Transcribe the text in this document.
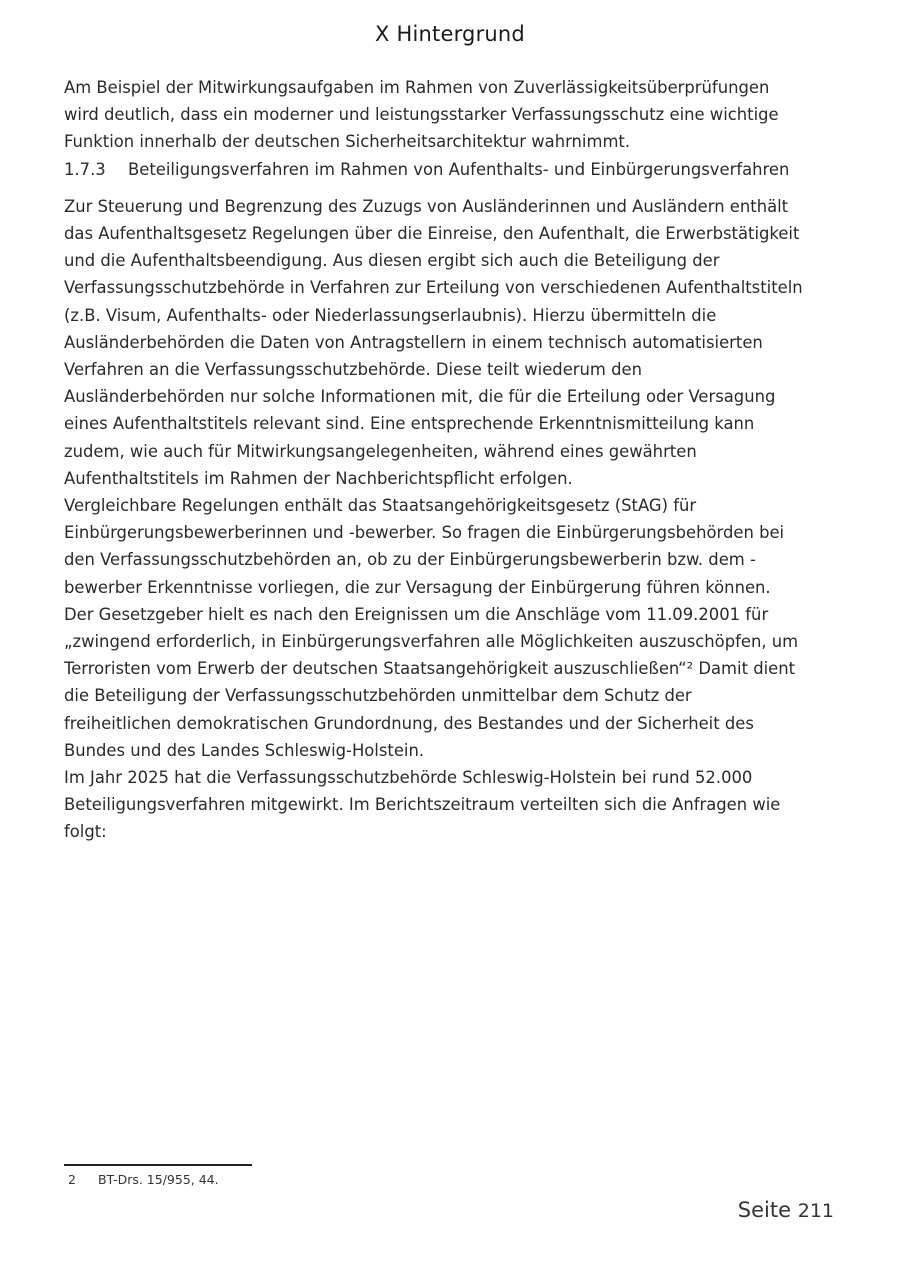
X Hintergrund

Am Beispiel der Mitwirkungsaufgaben im Rahmen von Zuverlässigkeitsüberprüfungen wird deutlich, dass ein moderner und leistungsstarker Verfassungsschutz eine wichtige Funktion innerhalb der deutschen Sicherheitsarchitektur wahrnimmt.

1.7.3	Beteiligungsverfahren im Rahmen von Aufenthalts- und Einbürgerungsverfahren

Zur Steuerung und Begrenzung des Zuzugs von Ausländerinnen und Ausländern enthält das Aufenthaltsgesetz Regelungen über die Einreise, den Aufenthalt, die Erwerbstätigkeit und die Aufenthaltsbeendigung. Aus diesen ergibt sich auch die Beteiligung der Verfassungsschutzbehörde in Verfahren zur Erteilung von verschiedenen Aufenthaltstiteln (z.B. Visum, Aufenthalts- oder Niederlassungserlaubnis). Hierzu übermitteln die Ausländerbehörden die Daten von Antragstellern in einem technisch automatisierten Verfahren an die Verfassungsschutzbehörde. Diese teilt wiederum den Ausländerbehörden nur solche Informationen mit, die für die Erteilung oder Versagung eines Aufenthaltstitels relevant sind. Eine entsprechende Erkenntnismitteilung kann zudem, wie auch für Mitwirkungsangelegenheiten, während eines gewährten Aufenthaltstitels im Rahmen der Nachberichtspflicht erfolgen.

Vergleichbare Regelungen enthält das Staatsangehörigkeitsgesetz (StAG) für Einbürgerungsbewerberinnen und -bewerber. So fragen die Einbürgerungsbehörden bei den Verfassungsschutzbehörden an, ob zu der Einbürgerungsbewerberin bzw. dem -bewerber Erkenntnisse vorliegen, die zur Versagung der Einbürgerung führen können. Der Gesetzgeber hielt es nach den Ereignissen um die Anschläge vom 11.09.2001 für „zwingend erforderlich, in Einbürgerungsverfahren alle Möglichkeiten auszuschöpfen, um Terroristen vom Erwerb der deutschen Staatsangehörigkeit auszuschließen“² Damit dient die Beteiligung der Verfassungsschutzbehörden unmittelbar dem Schutz der freiheitlichen demokratischen Grundordnung, des Bestandes und der Sicherheit des Bundes und des Landes Schleswig-Holstein.

Im Jahr 2025 hat die Verfassungsschutzbehörde Schleswig-Holstein bei rund 52.000 Beteiligungsverfahren mitgewirkt. Im Berichtszeitraum verteilten sich die Anfragen wie folgt:

2	BT-Drs. 15/955, 44.
Seite 211
